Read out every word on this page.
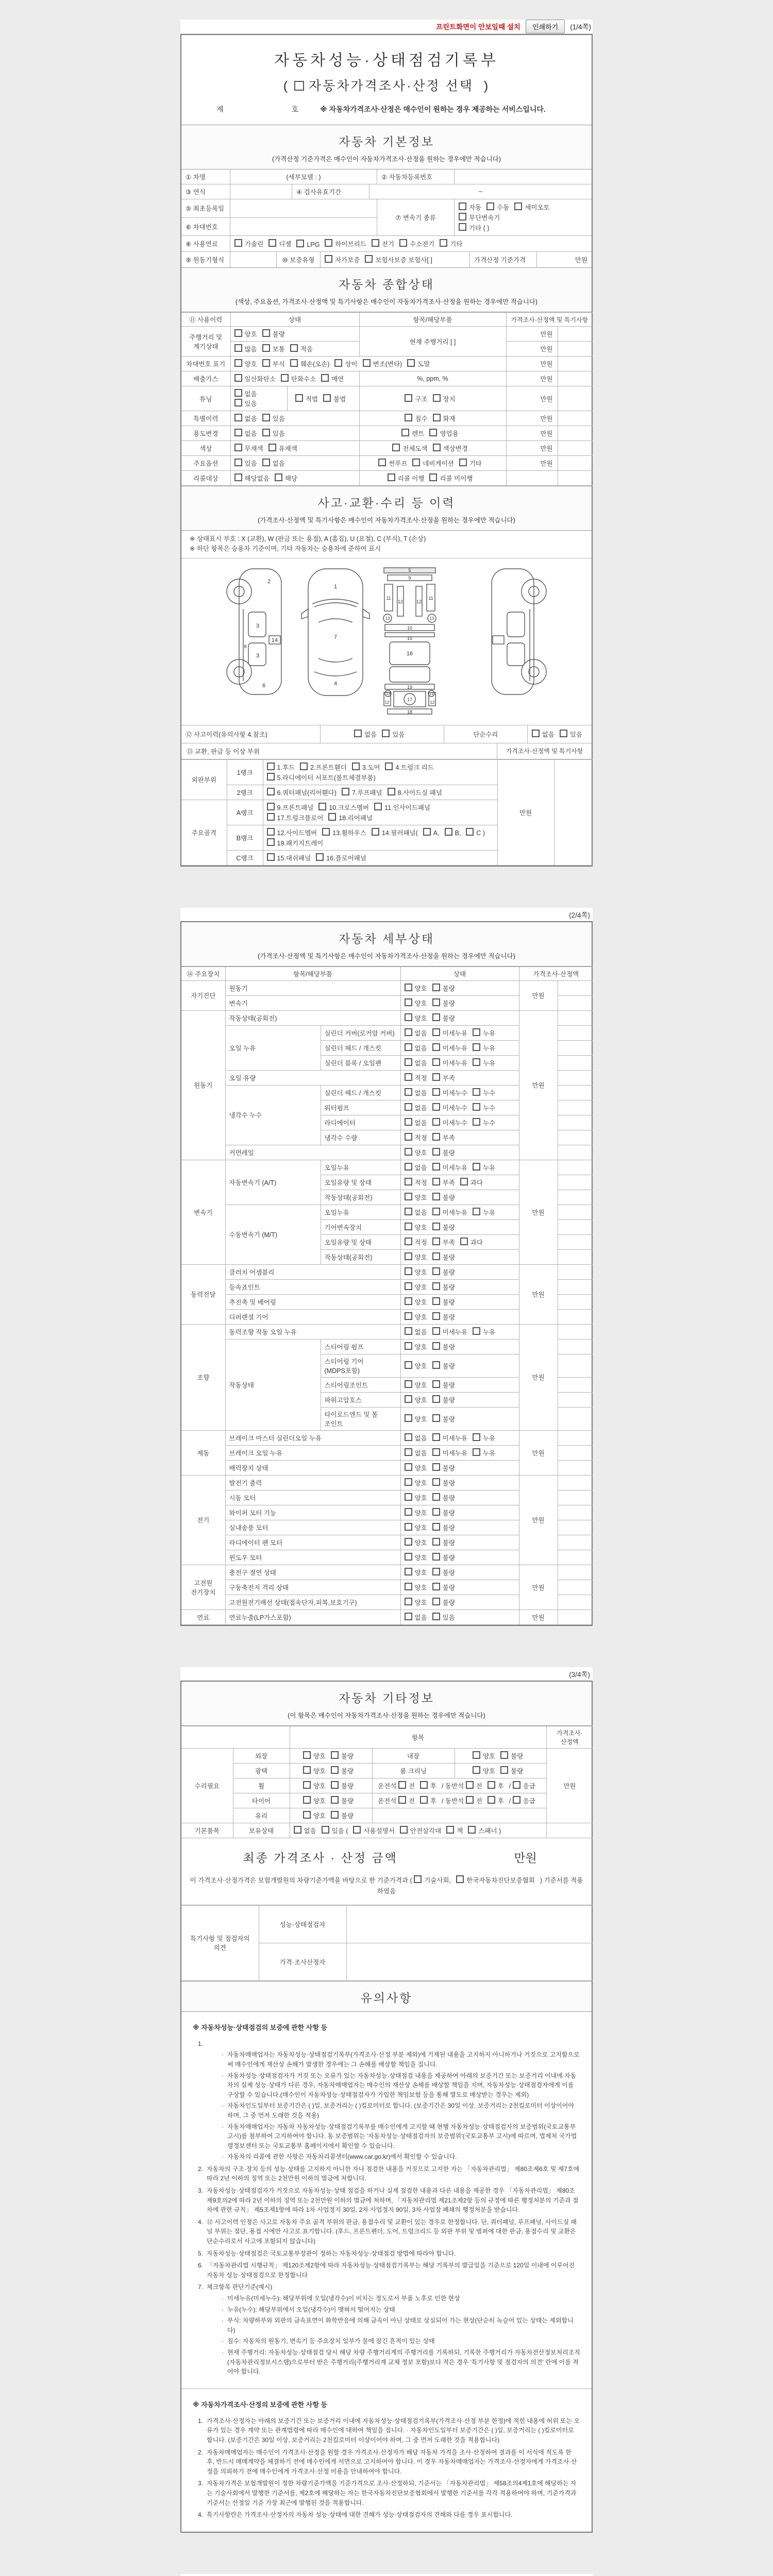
프린트화면이 안보일때 설치	인쇄하기	(1/4쪽)
자동차성능·상태점검기록부
( 자동차가격조사·산정 선택 )
제	호	※ 자동차가격조사·산정은 매수인이 원하는 경우 제공하는 서비스입니다.
자동차 기본정보
(가격산정 기준가격은 매수인이 자동차가격조사·산정을 원하는 경우에만 적습니다)
① 차명	(세부모델 : )	② 자동차등록번호
③ 연식	④ 검사유효기간	~
⑤ 최초등록일
⑥ 차대번호
⑦ 변속기 종류
자동 수동 세미오토무단변속기
기타 ( )
⑧ 사용연료	가솔린	디젤	LPG	하이브리드	전기	수소전기	기타
⑨ 원동기형식	⑩ 보증유형	자가보증	보험사보증 보험사[ ]	가격산정 기준가격	만원
자동차 종합상태
(색상, 주요옵션, 가격조사·산정액 및 특기사항은 매수인이 자동차가격조사·산정을 원하는 경우에만 적습니다)
⑪ 사용이력	상태		항목/해당부품	가격조사·산정액 및 특기사항	
주행거리 및 계기상태	양호 불량		현재 주행거리 [ ]	만원	
	많음 보통 적음			만원	
차대번호 표기	양호 부식 훼손(오손) 상이 변조(변타) 도말			만원	
배출가스	일산화탄소 탄화수소 매연		%, ppm, %	만원	
튜닝	없음
있음	적법 불법	구조 장치	만원	
특별이력	없음 있음		침수 화재	만원	
용도변경	없음 있음		렌트 영업용	만원	
색상	무채색 유채색		전체도색 색상변경	만원	
주요옵션	있음 없음		썬루프 네비게이션 기타	만원	
리콜대상	해당없음 해당		리콜 이행 리콜 미이행		
사고·교환·수리 등 이력
(가격조사·산정액 및 특기사항은 매수인이 자동차가격조사·산정을 원하는 경우에만 적습니다)
※ 상태표시 부호 : X (교환), W (판금 또는 용접), A (흠집), U (요철), C (부식), T (손상)
※ 하단 항목은 승용차 기준이며, 기타 자동차는 승용차에 준하여 표시
2
3
14
3
8
6
1
7
4
5
9
11	11
12	12
13	13
10
15
16
19
12	12
13	13
17
18
⑫ 사고이력(유의사항 4.참조)	없음	있음	단순수리	없음	있음
⑬ 교환, 판금 등 이상 부위	가격조사·산정액 및 특기사항
외판부위	1랭크	1.후드 2.프론트휀더 3.도어 4.트렁크 리드5.라디에이터 서포트(볼트체결부품)	만원	
	2랭크	6.쿼터패널(리어휀다) 7.루프패널 8.사이드실 패널		
주요골격	A랭크	9.프론트패널 10.크로스멤버 11.인사이드패널17.트렁크플로어 18.리어패널		
	B랭크	12.사이드멤버 13.휠하우스 14.필러패널( A, B, C )19.패키지트레이		
	C랭크	15.대쉬패널 16.플로어패널		
(2/4쪽)
자동차 세부상태
(가격조사·산정액 및 특기사항은 매수인이 자동차가격조사·산정을 원하는 경우에만 적습니다)
⑭ 주요장치	항목/해당부품		상태	가격조사·산정액	
자기진단	원동기		양호 불량	만원	
	변속기		양호 불량		
원동기	작동상태(공회전)		양호 불량	만원	
	오일 누유	실린더 커버(로커암 커버)	없음 미세누유 누유		
		실린더 헤드 / 개스킷	없음 미세누유 누유		
		실린더 블록 / 오일팬	없음 미세누유 누유		
	오일 유량		적정 부족		
	냉각수 누수	실린더 헤드 / 개스킷	없음 미세누수 누수		
		워터펌프	없음 미세누수 누수		
		라디에이터	없음 미세누수 누수		
		냉각수 수량	적정 부족		
	커먼레일		양호 불량		
변속기	자동변속기 (A/T)	오일누유	없음 미세누유 누유	만원	
		오일유량 및 상태	적정 부족 과다		
		작동상태(공회전)	양호 불량		
	수동변속기 (M/T)	오일누유	없음 미세누유 누유		
		기어변속장치	양호 불량		
		오일유량 및 상태	적정 부족 과다		
		작동상태(공회전)	양호 불량		
동력전달	클러치 어셈블리		양호 불량	만원	
	등속죠인트		양호 불량		
	추진축 및 베어링		양호 불량		
	디퍼렌셜 기어		양호 불량		
조향	동력조향 작동 오일 누유		없음 미세누유 누유	만원	
	작동상태	스티어링 펌프	양호 불량		
		스티어링 기어(MDPS포함)	양호 불량		
		스티어링조인트	양호 불량		
		파워고압호스	양호 불량		
		타이로드엔드 및 볼 조인트	양호 불량		
제동	브레이크 마스터 실린더오일 누유		없음 미세누유 누유	만원	
	브레이크 오일 누유		없음 미세누유 누유		
	배력장치 상태		양호 불량		
전기	발전기 출력		양호 불량	만원	
	시동 모터		양호 불량		
	와이퍼 모터 기능		양호 불량		
	실내송풍 모터		양호 불량		
	라디에이터 팬 모터		양호 불량		
	윈도우 모터		양호 불량		
고전원 전기장치	충전구 절연 상태		양호 불량	만원	
	구동축전지 격리 상태		양호 불량		
	고전원전기배선 상태(접속단자,피복,보호기구)		양호 불량		
연료	연료누출(LP가스포함)		없음 있음	만원	
(3/4쪽)
자동차 기타정보
(이 항목은 매수인이 자동차가격조사·산정을 원하는 경우에만 적습니다)
		항목			가격조사·산정액
수리필요	외장	양호 불량	내장	양호 불량	만원
	광택	양호 불량	룸 크리닝	양호 불량	
	휠	양호 불량	운전석 전 후 / 동반석 전 후 / 응급		
	타이어	양호 불량	운전석 전 후 / 동반석 전 후 / 응급		
	유리	양호 불량			
기본품목	보유상태	없음 있음 ( 사용설명서 안전삼각대 잭 스패너 )			
최종 가격조사 · 산정 금액	만원
이 가격조사·산정가격은 보험개발원의 차량기준가액을 바탕으로 한 기준가격과 ( 기술사회, 한국자동차진단보증협회 ) 기준서를 적용하였음
특기사항 및 점검자의 의견	성능·상태점검자	
	가격·조사산정자	
유의사항
※ 자동차성능·상태점검의 보증에 관한 사항 등
1.
· 자동차매매업자는 자동차성능·상태점검기록부(가격조사·산정 부분 제외)에 기재된 내용을 고지하지 아니하거나 거짓으로 고지함으로써 매수인에게 재산상 손해가 발생한 경우에는 그 손해를 배상할 책임을 집니다.
· 자동차성능·상태점검자가 거짓 또는 오류가 있는 자동차성능·상태점검 내용을 제공하여 아래의 보증기간 또는 보증거리 이내에 자동차의 실제 성능·상태가 다른 경우, 자동차매매업자는 매수인의 재산상 손해를 배상할 책임을 지며, 자동차성능·상태점검자에게 이를 구상할 수 있습니다.(매수인이 자동차성능·상태점검자가 가입한 책임보험 등을 통해 별도로 배상받는 경우는 제외)
· 자동차인도일부터 보증기간은 ( )일, 보증거리는 ( )킬로미터로 합니다. (보증기간은 30일 이상, 보증거리는 2천킬로미터 이상이어야 하며, 그 중 먼저 도래한 것을 적용)
· 자동차매매업자는 자동차 자동차성능·상태점검기록부를 매수인에게 고지할 때 현행 자동차성능·상태점검자의 보증범위(국토교통부 고시)를 첨부하여 고지하여야 합니다. 동 보증범위는 '자동차성능·상태점검자의 보증범위'(국토교통부 고시)에 따르며, 법제처 국가법령정보센터 또는 국토교통부 홈페이지에서 확인할 수 있습니다.
· 자동차의 리콜에 관한 사항은 자동차리콜센터(www.car.go.kr)에서 확인할 수 있습니다.
2. 자동차의 구조·장치 등의 성능·상태를 고지하지 아니한 자나 점검한 내용을 거짓으로 고지한 자는 「자동차관리법」 제80조제6호 및 제7호에 따라 2년 이하의 징역 또는 2천만원 이하의 벌금에 처합니다.
3. 자동차성능·상태점검자가 거짓으로 자동차성능·상태 점검을 하거나 실제 점검한 내용과 다른 내용을 제공한 경우 「자동차관리법」 제80조제9호의2에 따라 2년 이하의 징역 또는 2천만원 이하의 벌금에 처하며, 「자동차관리법 제21조제2항 등의 규정에 따른 행정처분의 기준과 절차에 관한 규칙」 제5조제1항에 따라 1차 사업정지 30일, 2차 사업정지 90일, 3차 사업장 폐쇄의 행정처분을 받습니다.
4. ⑫ 사고이력 인정은 사고로 자동차 주요 골격 부위의 판금, 용접수리 및 교환이 있는 경우로 한정합니다. 단, 쿼터패널, 루프패널, 사이드실 패널 부위는 절단, 용접 시에만 사고로 표기합니다. (후드, 프론트펜더, 도어, 트렁크리드 등 외판 부위 및 범퍼에 대한 판금, 용접수리 및 교환은 단순수리로서 사고에 포함되지 않습니다)
5. 자동차성능·상태점검은 국토교통부장관이 정하는 자동차성능·상태점검 방법에 따라야 합니다.
6. 「자동차관리법 시행규칙」 제120조제2항에 따라 자동차성능·상태점검기록부는 해당 기록부의 발급일을 기준으로 120일 이내에 이루어진 자동차 성능·상태점검으로 한정합니다
7. 체크항목 판단기준(예시)
· 미세누유(미세누수): 해당부위에 오일(냉각수)이 비치는 정도로서 부품 노후로 인한 현상
· 누유(누수): 해당부위에서 오일(냉각수)이 맺혀서 떨어지는 상태
· 부식: 차량하부와 외판의 금속표면이 화학반응에 의해 금속이 아닌 상태로 상실되어 가는 현상(단순히 녹슬어 있는 상태는 제외합니다)
· 침수: 자동차의 원동기, 변속기 등 주요장치 일부가 물에 잠긴 흔적이 있는 상태
· 현재 주행거리: 자동차성능·상태점검 당시 해당 차량 주행거리계의 주행거리를 기록하되, 기록한 주행거리가 자동차전산정보처리조직(자동차관리정보시스템)으로부터 받은 주행거리(주행거리계 교체 정보 포함)보다 적은 경우 '특기사항 및 점검자의 의견' 란에 이를 적어야 합니다.
※ 자동차가격조사·산정의 보증에 관한 사항 등
1. 가격조사·산정자는 아래의 보증기간 또는 보증거리 이내에 자동차성능·상태점검기록부(가격조사·산정 부분 한정)에 적힌 내용에 허위 또는 오류가 있는 경우 계약 또는 관계법령에 따라 매수인에 대하여 책임을 집니다. · 자동차인도일부터 보증기간은 ( )일, 보증거리는 ( )킬로미터로 합니다. (보증기간은 30일 이상, 보증거리는 2천킬로미터 이상이어야 하며, 그 중 먼저 도래한 것을 적용합니다)
2. 자동차매매업자는 매수인이 가격조사·산정을 원할 경우 가격조사·산정자가 해당 자동차 가격을 조사·산정하여 결과를 이 서식에 적도록 한 후, 반드시 매매계약을 체결하기 전에 매수인에게 서면으로 고지하여야 합니다. 이 경우 자동차매매업자는 가격조사·산정자에게 가격조사·산정을 의뢰하기 전에 매수인에게 가격조사·산정 비용을 안내하여야 합니다.
3. 자동차가격은 보험개발원이 정한 차량기준가액을 기준가격으로 조사·산정하되, 기준서는 「자동차관리법」 제58조의4제1호에 해당하는 자는 기술사회에서 발행한 기준서를, 제2호에 해당하는 자는 한국자동차진단보증협회에서 발행한 기준서를 각각 적용하여야 하며, 기준가격과 기준서는 산정일 기준 가장 최근에 발행된 것을 적용합니다.
4. 특기사항란은 가격조사·산정자의 자동차 성능·상태에 대한 견해가 성능·상태점검자의 견해와 다를 경우 표시합니다.
